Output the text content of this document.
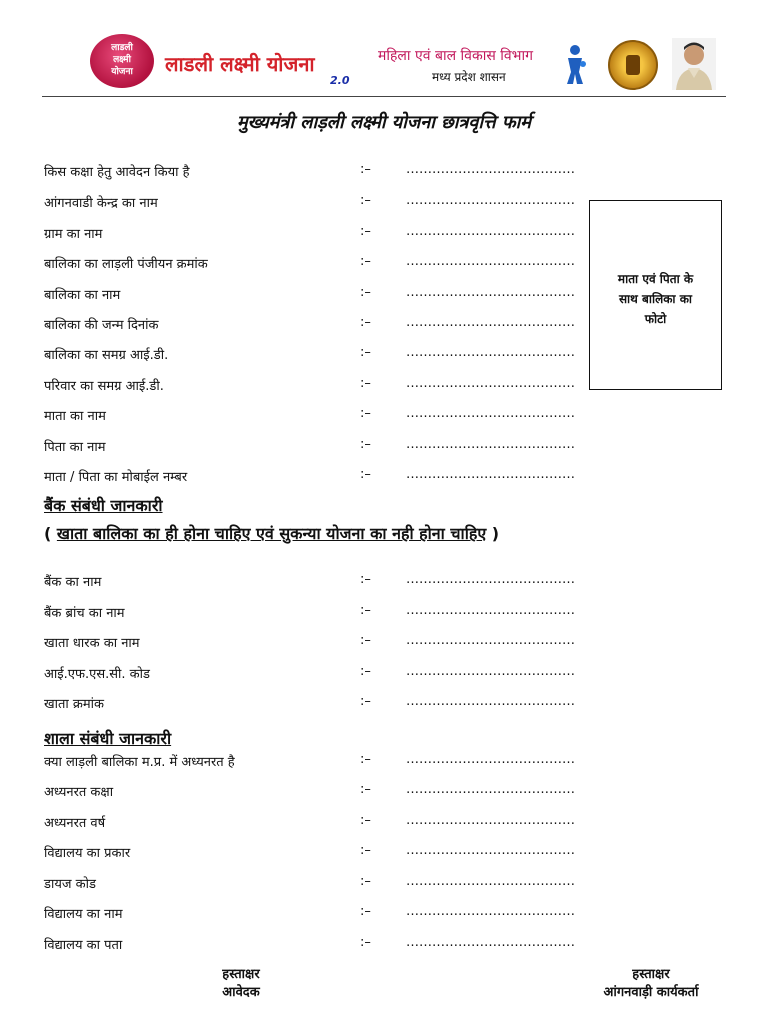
लाडली
लक्ष्मी
योजना	लाडली लक्ष्मी योजना
2.0
महिला एवं बाल विकास विभाग
मध्य प्रदेश शासन
मुख्यमंत्री लाड़ली लक्ष्मी योजना छात्रवृत्ति फार्म
किस कक्षा हेतु आवेदन किया है	:–	…………………………………
आंगनवाडी केन्द्र का नाम	:–	…………………………………
ग्राम का नाम	:–	…………………………………
बालिका का लाड़ली पंजीयन क्रमांक	:–	…………………………………
बालिका का नाम	:–	…………………………………
बालिका की जन्म दिनांक	:–	…………………………………
बालिका का समग्र आई.डी.	:–	…………………………………
परिवार का समग्र आई.डी.	:–	…………………………………
माता का नाम	:–	…………………………………
पिता का नाम	:–	…………………………………
माता / पिता का मोबाईल नम्बर	:–	…………………………………
माता एवं पिता के
साथ बालिका का
फोटो
बैंक संबंधी जानकारी
( खाता बालिका का ही होना चाहिए एवं सुकन्या योजना का नही होना चाहिए )
बैंक का नाम	:–	…………………………………
बैंक ब्रांच का नाम	:–	…………………………………
खाता धारक का नाम	:–	…………………………………
आई.एफ.एस.सी. कोड	:–	…………………………………
खाता क्रमांक	:–	…………………………………
शाला संबंधी जानकारी
क्या लाड़ली बालिका म.प्र. में अध्यनरत है	:–	…………………………………
अध्यनरत कक्षा	:–	…………………………………
अध्यनरत वर्ष	:–	…………………………………
विद्यालय का प्रकार	:–	…………………………………
डायज कोड	:–	…………………………………
विद्यालय का नाम	:–	…………………………………
विद्यालय का पता	:–	…………………………………
हस्ताक्षर
आवेदक
हस्ताक्षर
आंगनवाड़ी कार्यकर्ता
